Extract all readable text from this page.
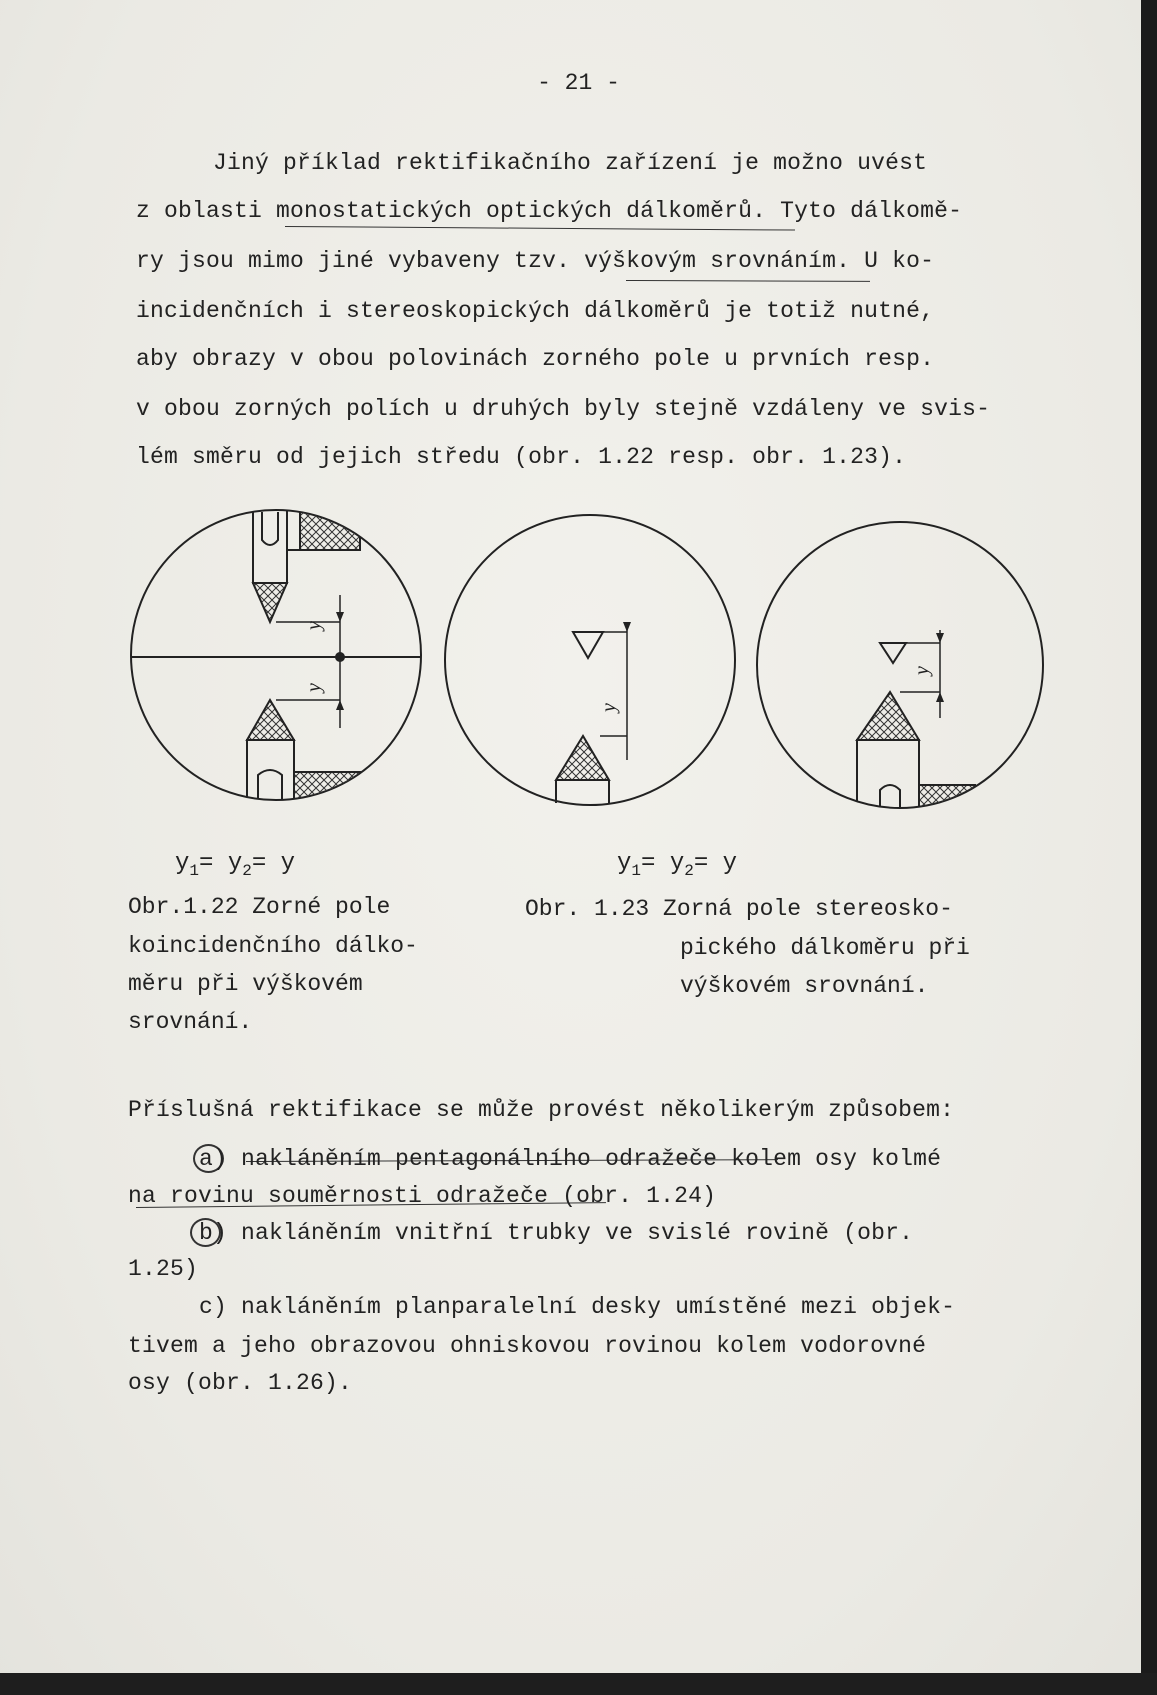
- 21 -
Jiný příklad rektifikačního zařízení je možno uvést
z oblasti monostatických optických dálkoměrů. Tyto dálkomě-
ry jsou mimo jiné vybaveny tzv. výškovým srovnáním. U ko-
incidenčních i stereoskopických dálkoměrů je totiž nutné,
aby obrazy v obou polovinách zorného pole u prvních resp.
v obou zorných polích u druhých byly stejně vzdáleny ve svis-
lém směru od jejich středu (obr. 1.22 resp. obr. 1.23).
y
y
y
y
$y_1= y_2= y$	$y_1= y_2= y$
Obr.1.22 Zorné pole
koincidenčního dálko-
měru při výškovém
srovnání.
Obr. 1.23 Zorná pole stereosko-
pického dálkoměru při
výškovém srovnání.
Příslušná rektifikace se může provést několikerým způsobem:
a) nakláněním pentagonálního odražeče kolem osy kolmé
na rovinu souměrnosti odražeče (obr. 1.24)
b) nakláněním vnitřní trubky ve svislé rovině (obr.
1.25)
c) nakláněním planparalelní desky umístěné mezi objek-
tivem a jeho obrazovou ohniskovou rovinou kolem vodorovné
osy (obr. 1.26).
